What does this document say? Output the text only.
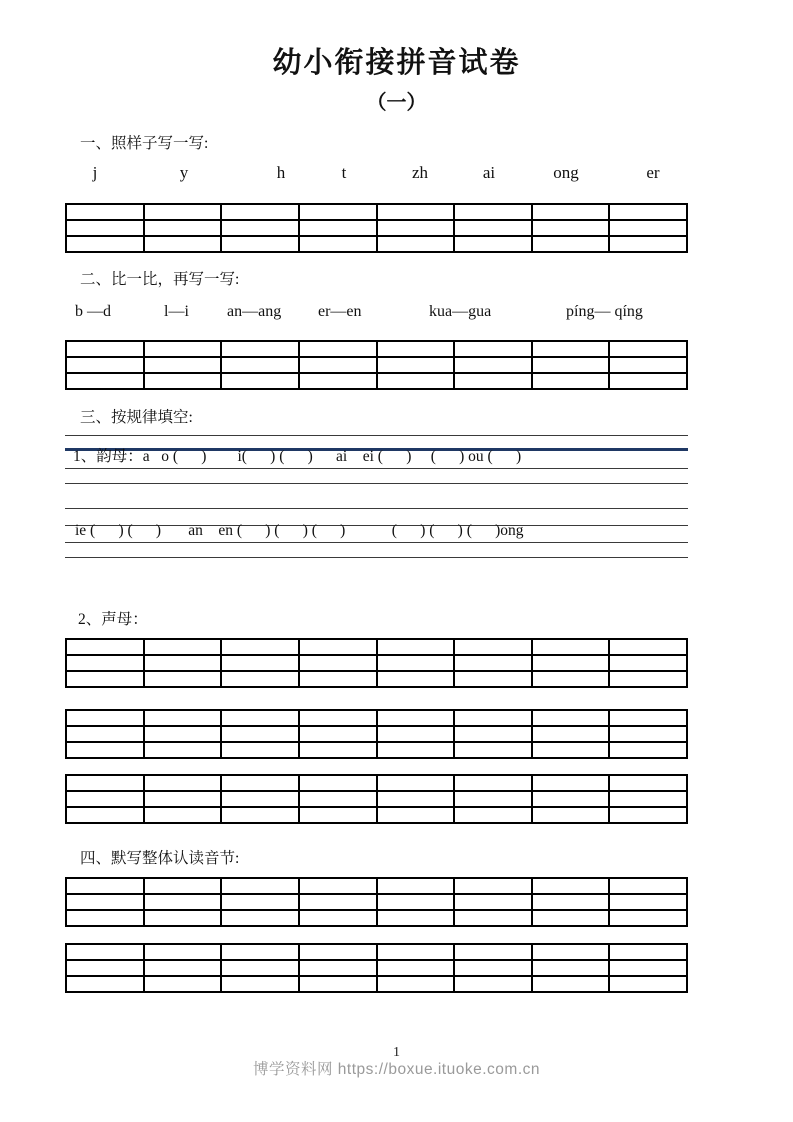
幼小衔接拼音试卷
（一）
一、照样子写一写:
j	y	h	t	zh	ai	ong	er

二、比一比，再写一写:
b —d	l—i an—ang er—en	kua—gua	píng— qíng

三、按规律填空:
1、韵母：a   o (      )        i(      ) (      )      ai    ei (      )     (      ) ou (      )
ie (      ) (      )       an    en (      ) (      ) (      )            (      ) (      ) (      )ong
2、声母：

四、默写整体认读音节:

1
博学资料网 https://boxue.ituoke.com.cn
